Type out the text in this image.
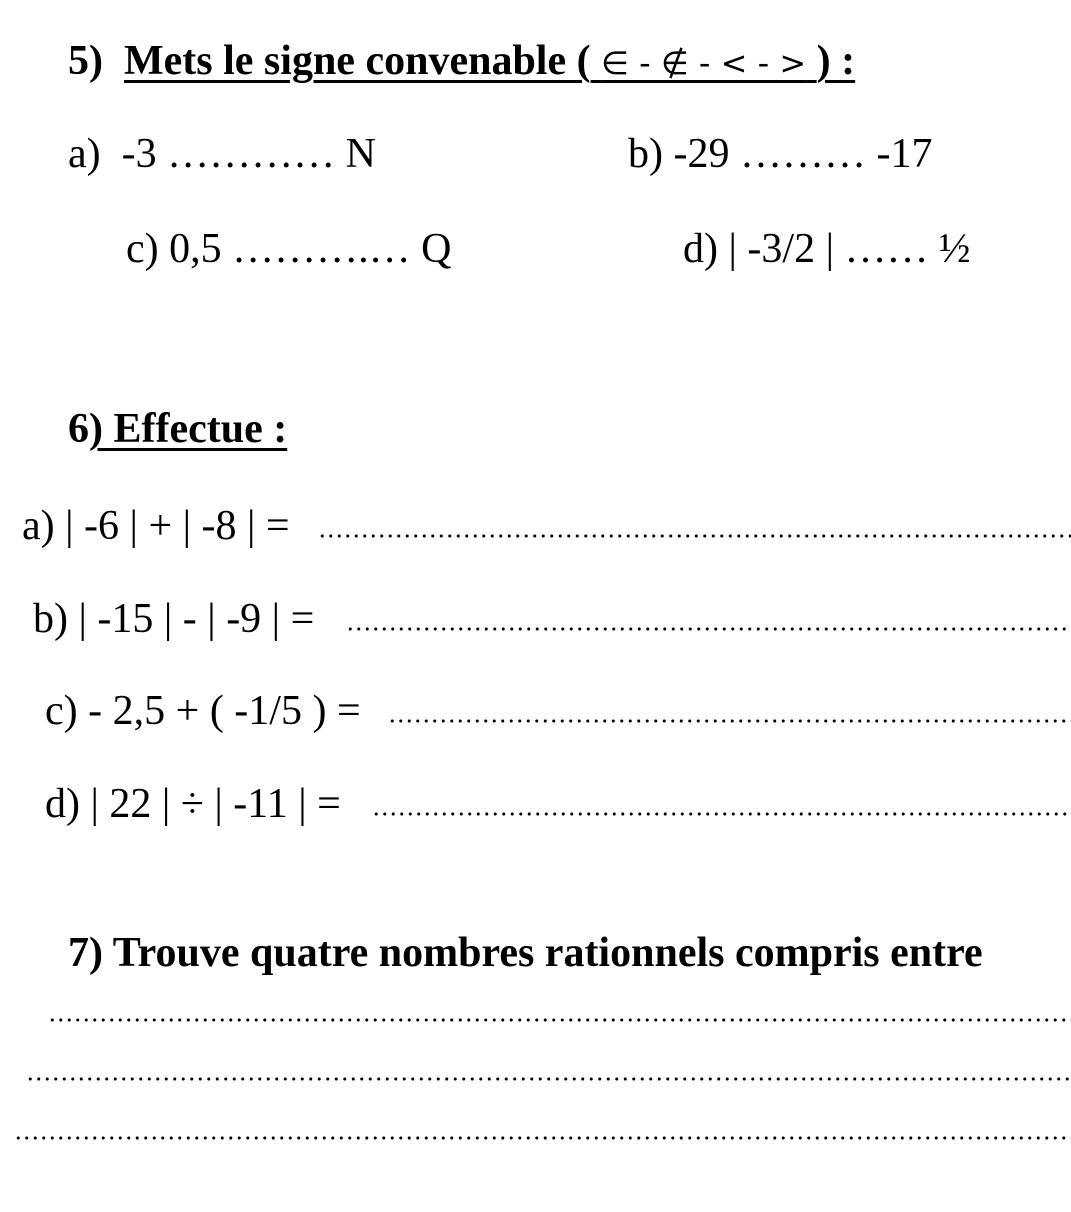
5) Mets le signe convenable ( ∈ - ∉ - < - > ) :
a) -3 ………… N	b) -29 ……… -17
c) 0,5 ……….… Q	d) | -3/2 | …… ½
6) Effectue :
a) | -6 | + | -8 | =
b) | -15 | - | -9 | =
c) - 2,5 + ( -1/5 ) =
d) | 22 | ÷ | -11 | =
7) Trouve quatre nombres rationnels compris entre
